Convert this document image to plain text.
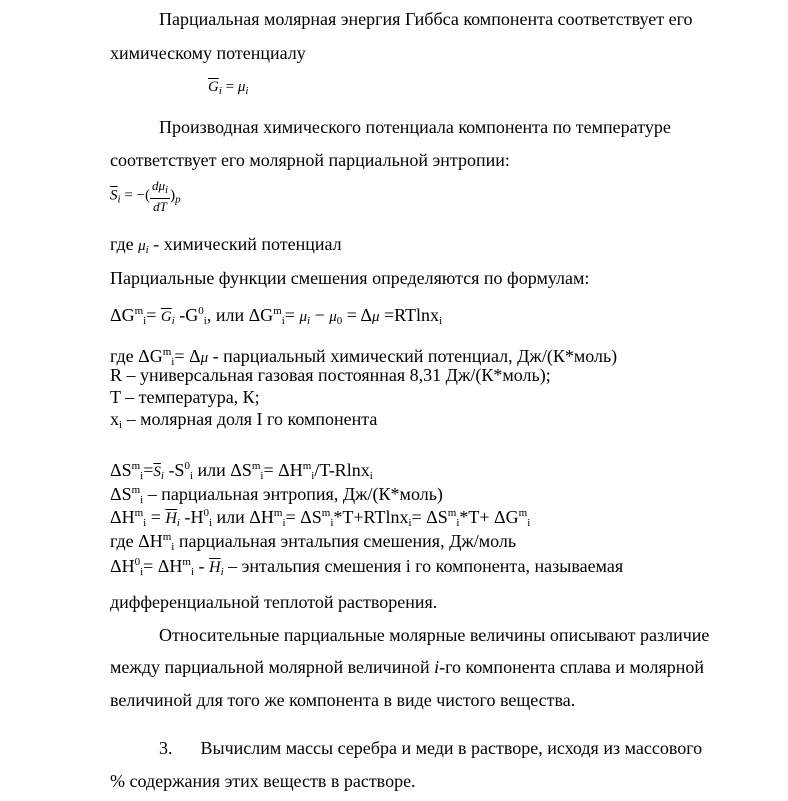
Парциальная молярная энергия Гиббса компонента соответствует его
химическому потенциалу
$\overline{G}_i = \mu_i$
Производная химического потенциала компонента по температуре
соответствует его молярной парциальной энтропии:
$\overline{S}_i$ = −( $\frac{d\mu_i}{dT} )_p$
где $\mu_i$ - химический потенциал
Парциальные функции смешения определяются по формулам:
$\Delta G^m_i= \overline{G}_i$ $-G^0_i$, или $\Delta G^m_i= \mu_i - \mu_0 = \Delta\mu =RTlnx_i$
где $\Delta G^m_i= \Delta\mu$ - парциальный химический потенциал, Дж/(К*моль)
R – универсальная газовая постоянная 8,31 Дж/(К*моль);
T – температура, К;
$x_i$ – молярная доля I го компонента
$\Delta S^m_i=\overline{S}_i$ $-S^0_i$ или $\Delta S^m_i= \Delta H^m_i/T-Rlnx_i$
$\Delta S^m_i$ – парциальная энтропия, Дж/(К*моль)
$\Delta H^m_i = \overline{H}_i$ $-H^0_i$ или $\Delta H^m_i= \Delta S^m_i*T+RTlnx_i= \Delta S^m_i*T+ \Delta G^m_i$
где $\Delta H^m_i$ парциальная энтальпия смешения, Дж/моль
$\Delta H^0_i= \Delta H^m_i - \overline{H}_i$ – энтальпия смешения i го компонента, называемая
дифференциальной теплотой растворения.
Относительные парциальные молярные величины описывают различие
между парциальной молярной величиной i-го компонента сплава и молярной
величиной для того же компонента в виде чистого вещества.
3. Вычислим массы серебра и меди в растворе, исходя из массового
% содержания этих веществ в растворе.
